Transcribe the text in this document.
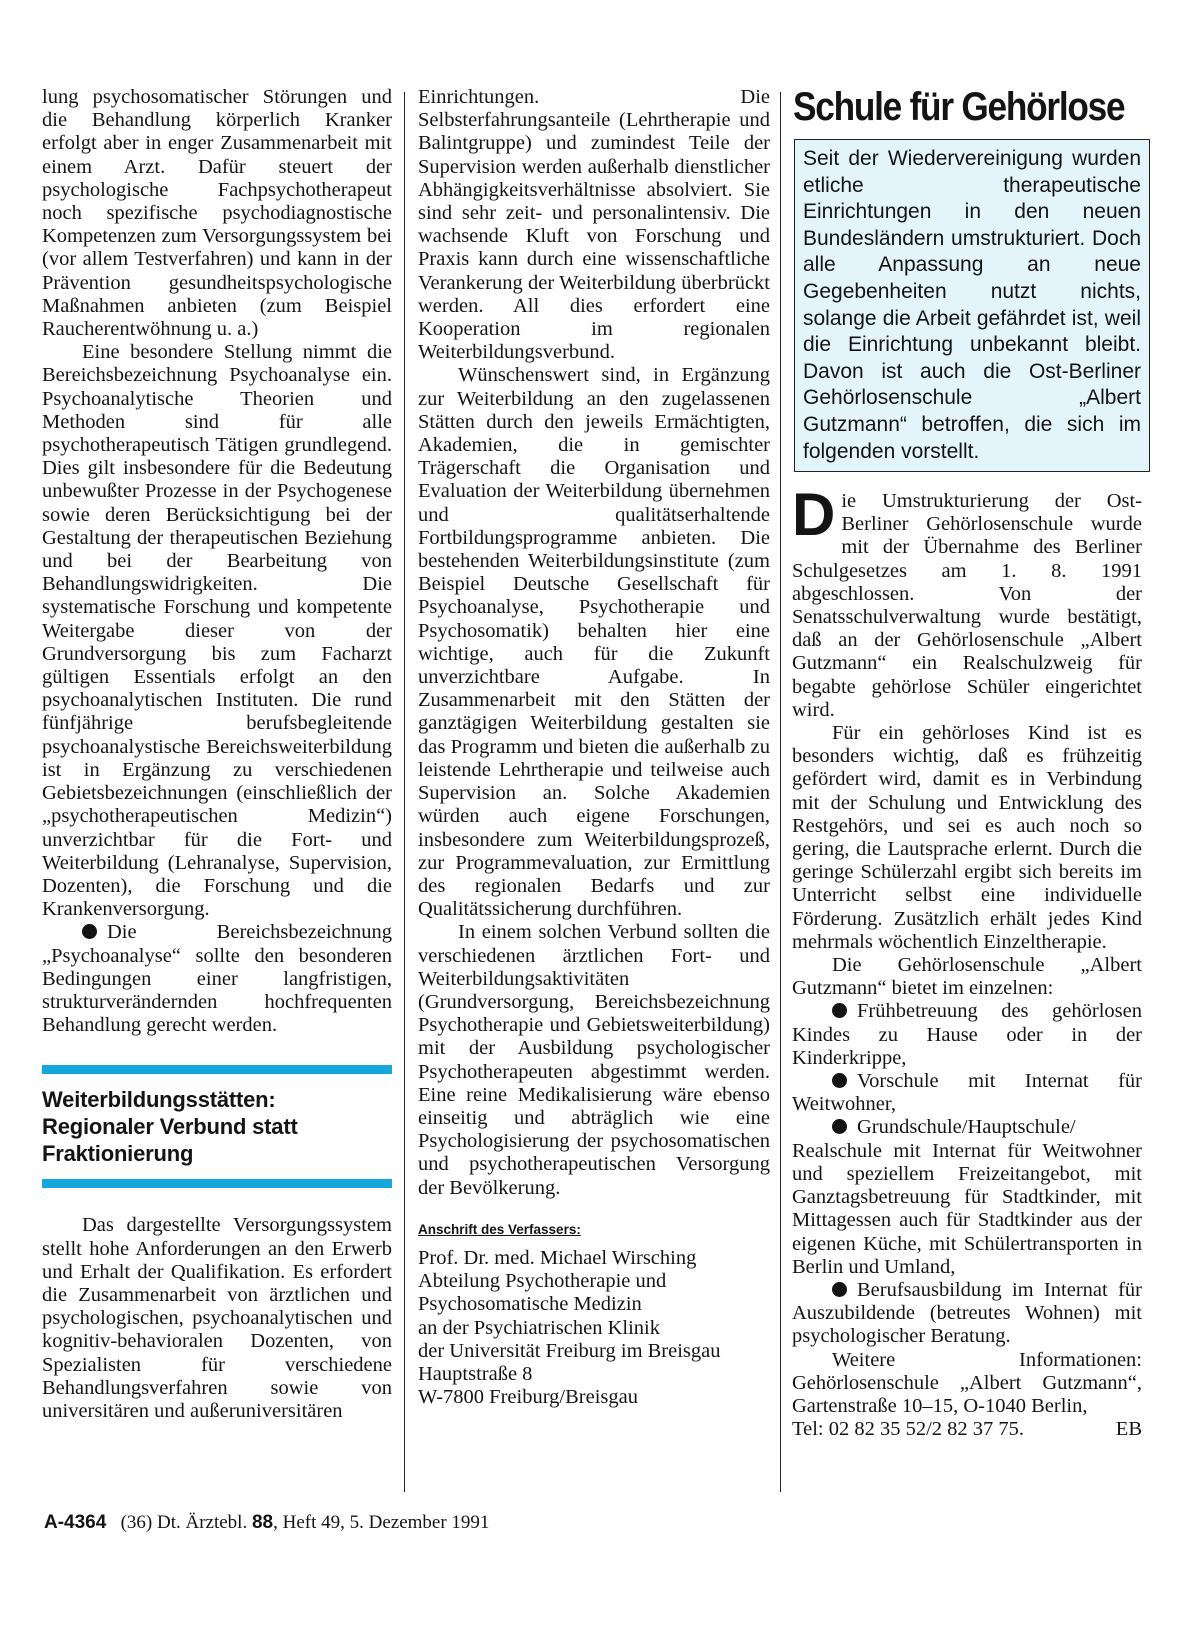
lung psychosomatischer Störungen und die Behandlung körperlich Kranker erfolgt aber in enger Zusammenarbeit mit einem Arzt. Dafür steuert der psychologische Fachpsychotherapeut noch spezifische psychodiagnostische Kompetenzen zum Versorgungssystem bei (vor allem Testverfahren) und kann in der Prävention gesundheitspsychologische Maßnahmen anbieten (zum Beispiel Raucherentwöhnung u. a.)

Eine besondere Stellung nimmt die Bereichsbezeichnung Psychoanalyse ein. Psychoanalytische Theorien und Methoden sind für alle psychotherapeutisch Tätigen grundlegend. Dies gilt insbesondere für die Bedeutung unbewußter Prozesse in der Psychogenese sowie deren Berücksichtigung bei der Gestaltung der therapeutischen Beziehung und bei der Bearbeitung von Behandlungswidrigkeiten. Die systematische Forschung und kompetente Weitergabe dieser von der Grundversorgung bis zum Facharzt gültigen Essentials erfolgt an den psychoanalytischen Instituten. Die rund fünfjährige berufsbegleitende psychoanalystische Bereichsweiterbildung ist in Ergänzung zu verschiedenen Gebietsbezeichnungen (einschließlich der „psychotherapeutischen Medizin“) unverzichtbar für die Fort- und Weiterbildung (Lehranalyse, Supervision, Dozenten), die Forschung und die Krankenversorgung.

Die Bereichsbezeichnung „Psychoanalyse“ sollte den besonderen Bedingungen einer langfristigen, strukturverändernden hochfrequenten Behandlung gerecht werden.

Weiterbildungsstätten: Regionaler Verbund statt Fraktionierung

Das dargestellte Versorgungssystem stellt hohe Anforderungen an den Erwerb und Erhalt der Qualifikation. Es erfordert die Zusammenarbeit von ärztlichen und psychologischen, psychoanalytischen und kognitiv-behavioralen Dozenten, von Spezialisten für verschiedene Behandlungsverfahren sowie von universitären und außeruniversitären

Einrichtungen. Die Selbsterfahrungsanteile (Lehrtherapie und Balintgruppe) und zumindest Teile der Supervision werden außerhalb dienstlicher Abhängigkeitsverhältnisse absolviert. Sie sind sehr zeit- und personalintensiv. Die wachsende Kluft von Forschung und Praxis kann durch eine wissenschaftliche Verankerung der Weiterbildung überbrückt werden. All dies erfordert eine Kooperation im regionalen Weiterbildungsverbund.

Wünschenswert sind, in Ergänzung zur Weiterbildung an den zugelassenen Stätten durch den jeweils Ermächtigten, Akademien, die in gemischter Trägerschaft die Organisation und Evaluation der Weiterbildung übernehmen und qualitätserhaltende Fortbildungsprogramme anbieten. Die bestehenden Weiterbildungsinstitute (zum Beispiel Deutsche Gesellschaft für Psychoanalyse, Psychotherapie und Psychosomatik) behalten hier eine wichtige, auch für die Zukunft unverzichtbare Aufgabe. In Zusammenarbeit mit den Stätten der ganztägigen Weiterbildung gestalten sie das Programm und bieten die außerhalb zu leistende Lehrtherapie und teilweise auch Supervision an. Solche Akademien würden auch eigene Forschungen, insbesondere zum Weiterbildungsprozeß, zur Programmevaluation, zur Ermittlung des regionalen Bedarfs und zur Qualitätssicherung durchführen.

In einem solchen Verbund sollten die verschiedenen ärztlichen Fort- und Weiterbildungsaktivitäten (Grundversorgung, Bereichsbezeichnung Psychotherapie und Gebietsweiterbildung) mit der Ausbildung psychologischer Psychotherapeuten abgestimmt werden. Eine reine Medikalisierung wäre ebenso einseitig und abträglich wie eine Psychologisierung der psychosomatischen und psychotherapeutischen Versorgung der Bevölkerung.

Anschrift des Verfassers:

Prof. Dr. med. Michael Wirsching

Abteilung Psychotherapie und

Psychosomatische Medizin

an der Psychiatrischen Klinik

der Universität Freiburg im Breisgau

Hauptstraße 8

W-7800 Freiburg/Breisgau

Schule für Gehörlose
Seit der Wiedervereinigung wurden etliche therapeutische Einrichtungen in den neuen Bundesländern umstrukturiert. Doch alle Anpassung an neue Gegebenheiten nutzt nichts, solange die Arbeit gefährdet ist, weil die Einrichtung unbekannt bleibt. Davon ist auch die Ost-Berliner Gehörlosenschule „Albert Gutzmann“ betroffen, die sich im folgenden vorstellt.

Die Umstrukturierung der Ost-Berliner Gehörlosenschule wurde mit der Übernahme des Berliner Schulgesetzes am 1. 8. 1991 abgeschlossen. Von der Senatsschulverwaltung wurde bestätigt, daß an der Gehörlosenschule „Albert Gutzmann“ ein Realschulzweig für begabte gehörlose Schüler eingerichtet wird.

Für ein gehörloses Kind ist es besonders wichtig, daß es frühzeitig gefördert wird, damit es in Verbindung mit der Schulung und Entwicklung des Restgehörs, und sei es auch noch so gering, die Lautsprache erlernt. Durch die geringe Schülerzahl ergibt sich bereits im Unterricht selbst eine individuelle Förderung. Zusätzlich erhält jedes Kind mehrmals wöchentlich Einzeltherapie.

Die Gehörlosenschule „Albert Gutzmann“ bietet im einzelnen:

Frühbetreuung des gehörlosen Kindes zu Hause oder in der Kinderkrippe,

Vorschule mit Internat für Weitwohner,

Grundschule/Hauptschule/ Realschule mit Internat für Weitwohner und speziellem Freizeitangebot, mit Ganztagsbetreuung für Stadtkinder, mit Mittagessen auch für Stadtkinder aus der eigenen Küche, mit Schülertransporten in Berlin und Umland,

Berufsausbildung im Internat für Auszubildende (betreutes Wohnen) mit psychologischer Beratung.

Weitere Informationen: Gehörlosenschule „Albert Gutzmann“, Gartenstraße 10–15, O-1040 Berlin,

Tel: 02 82 35 52/2 82 37 75.	EB
A-4364 (36) Dt. Ärztebl. 88, Heft 49, 5. Dezember 1991
